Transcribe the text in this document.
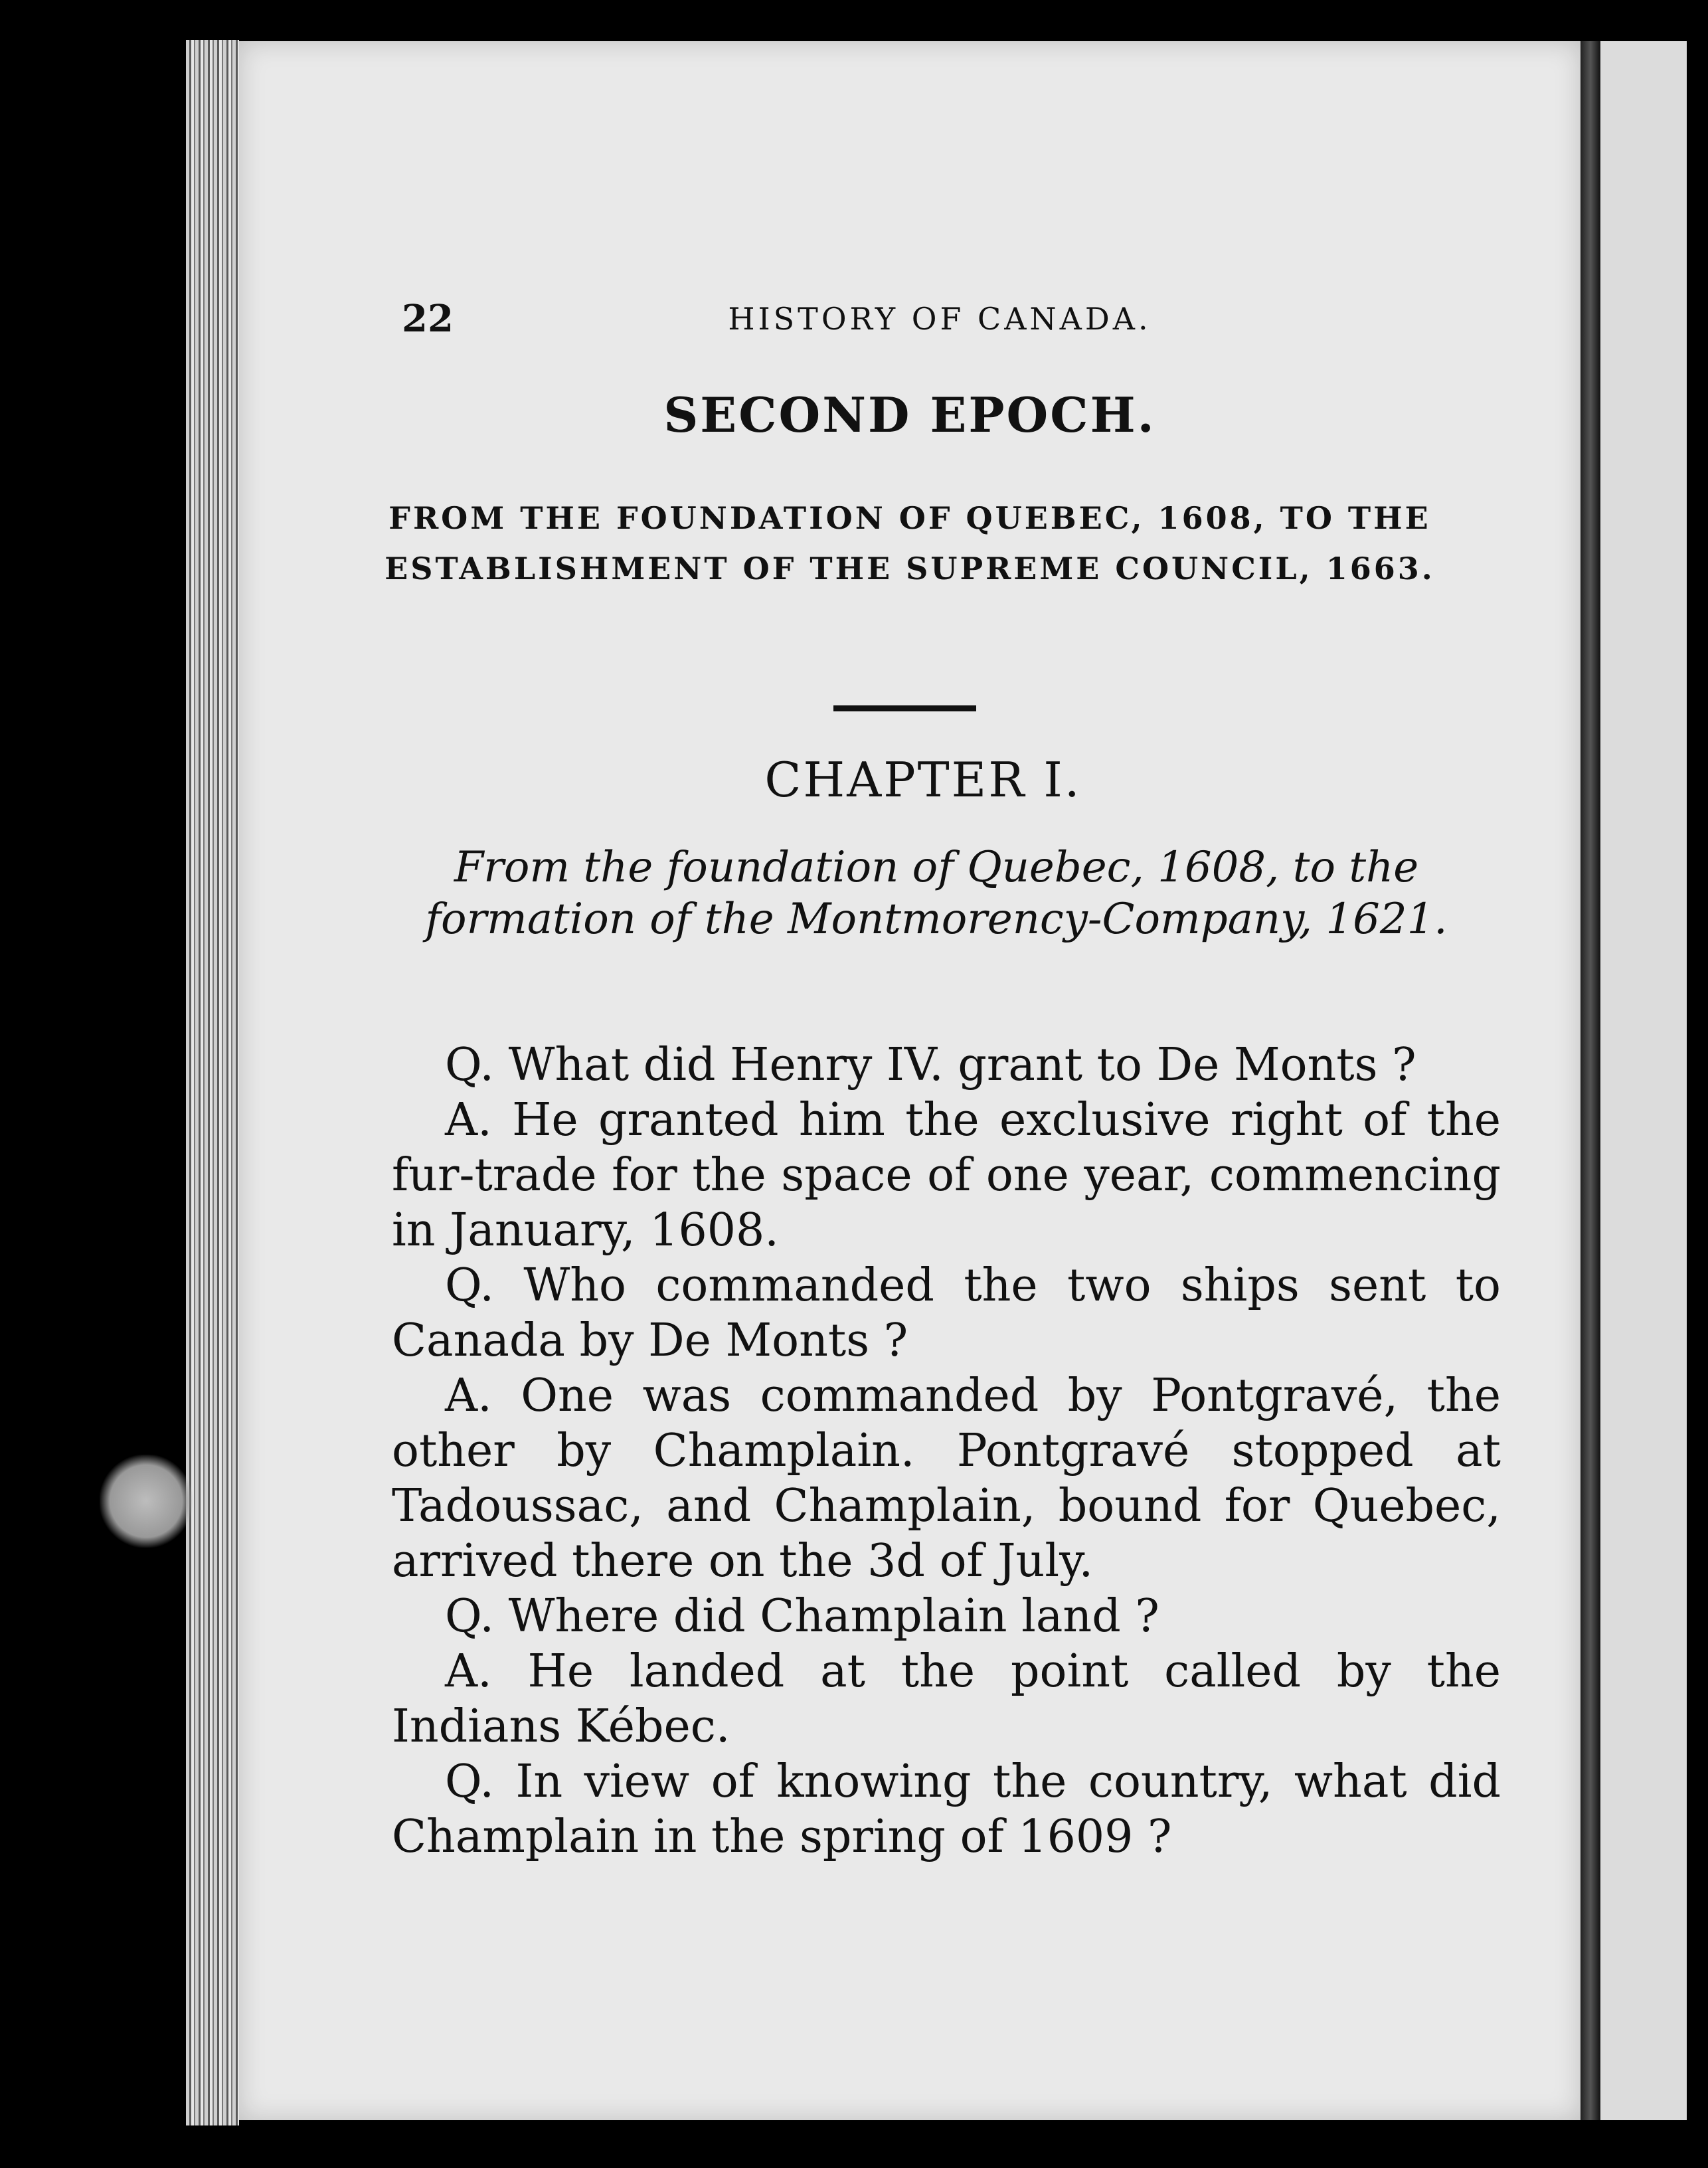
22	HISTORY OF CANADA.
SECOND EPOCH.
FROM THE FOUNDATION OF QUEBEC, 1608, TO THE ESTABLISHMENT OF THE SUPREME COUNCIL, 1663.
CHAPTER I.
From the foundation of Quebec, 1608, to the formation of the Montmorency-Company, 1621.

Q. What did Henry IV. grant to De Monts ?

A. He granted him the exclusive right of the fur-trade for the space of one year, commencing in January, 1608.

Q. Who commanded the two ships sent to Canada by De Monts ?

A. One was commanded by Pontgravé, the other by Champlain. Pontgravé stopped at Tadoussac, and Champlain, bound for Quebec, arrived there on the 3d of July.

Q. Where did Champlain land ?

A. He landed at the point called by the Indians Kébec.

Q. In view of knowing the country, what did Champlain in the spring of 1609 ?
